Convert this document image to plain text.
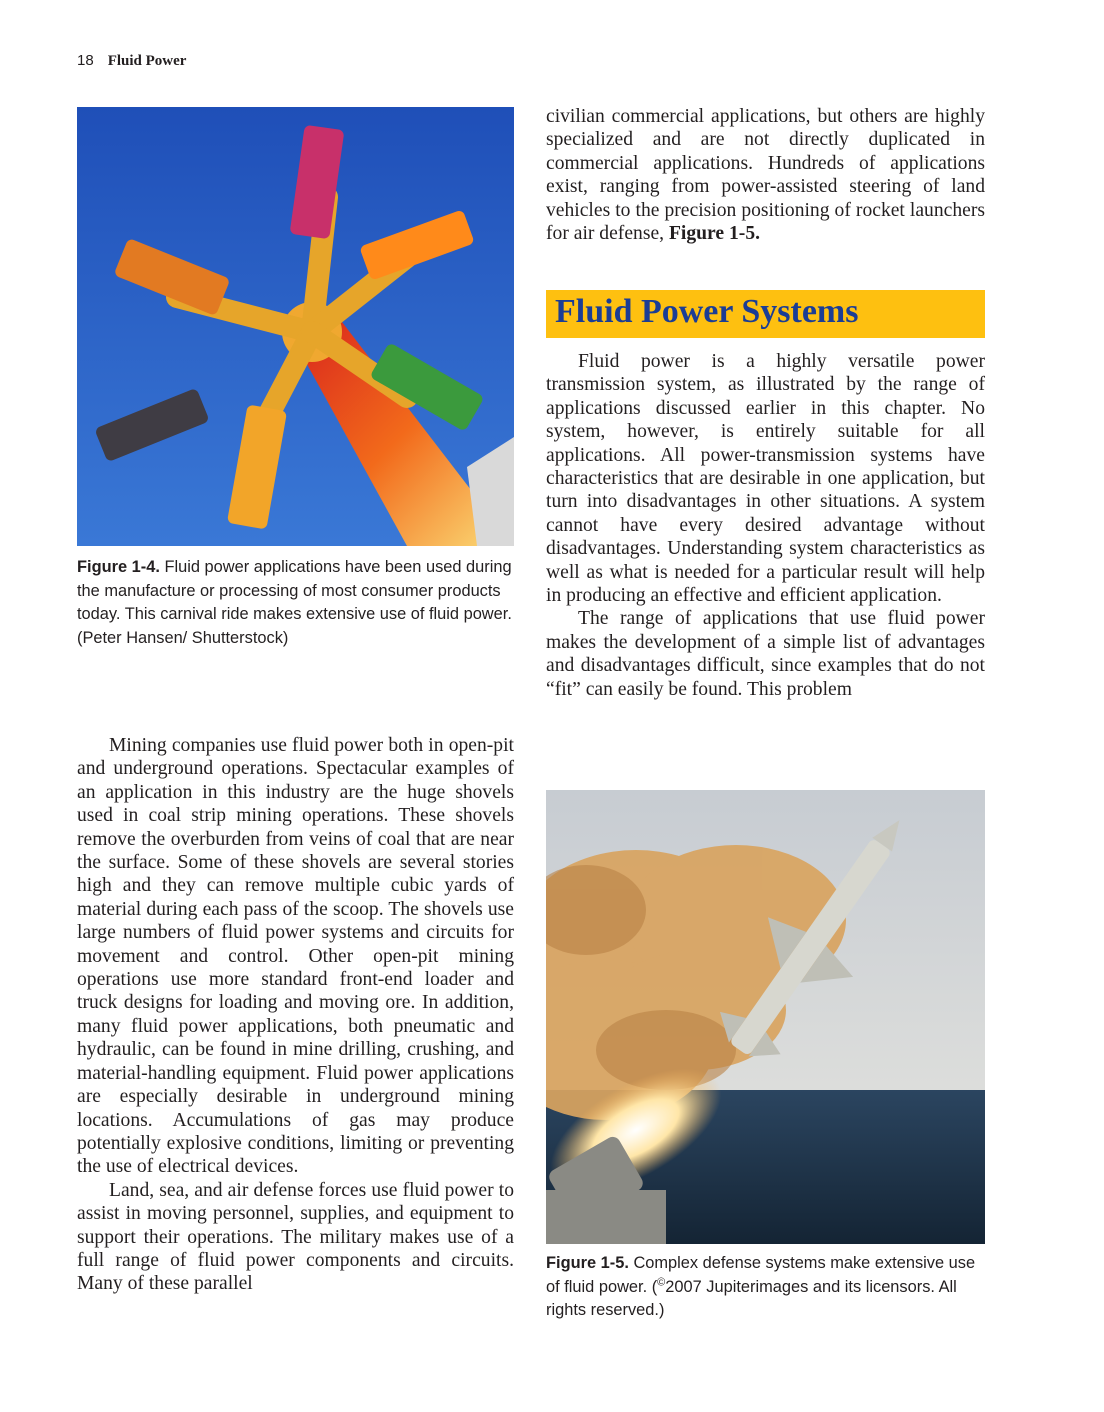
18 Fluid Power
Figure 1-4. Fluid power applications have been used during the manufacture or processing of most consumer products today. This carnival ride makes extensive use of fluid power. (Peter Hansen/ Shutterstock)

Mining companies use fluid power both in open-pit and underground operations. Spectacular examples of an application in this industry are the huge shovels used in coal strip mining operations. These shovels remove the overburden from veins of coal that are near the surface. Some of these shovels are several stories high and they can remove multiple cubic yards of material during each pass of the scoop. The shovels use large numbers of fluid power systems and circuits for movement and control. Other open-pit mining operations use more standard front-end loader and truck designs for loading and moving ore. In addition, many fluid power applications, both pneumatic and hydraulic, can be found in mine drilling, crushing, and material-handling equipment. Fluid power applications are especially desirable in underground mining locations. Accumulations of gas may produce potentially explosive conditions, limiting or preventing the use of electrical devices.

Land, sea, and air defense forces use fluid power to assist in moving personnel, supplies, and equipment to support their operations. The military makes use of a full range of fluid power components and circuits. Many of these parallel

civilian commercial applications, but others are highly specialized and are not directly duplicated in commercial applications. Hundreds of applications exist, ranging from power-assisted steering of land vehicles to the precision positioning of rocket launchers for air defense, Figure 1-5.

Fluid Power Systems

Fluid power is a highly versatile power transmission system, as illustrated by the range of applications discussed earlier in this chapter. No system, however, is entirely suitable for all applications. All power-transmission systems have characteristics that are desirable in one application, but turn into disadvantages in other situations. A system cannot have every desired advantage without disadvantages. Understanding system characteristics as well as what is needed for a particular result will help in producing an effective and efficient application.

The range of applications that use fluid power makes the development of a simple list of advantages and disadvantages difficult, since examples that do not “fit” can easily be found. This problem

Figure 1-5. Complex defense systems make extensive use of fluid power. (©2007 Jupiterimages and its licensors. All rights reserved.)
